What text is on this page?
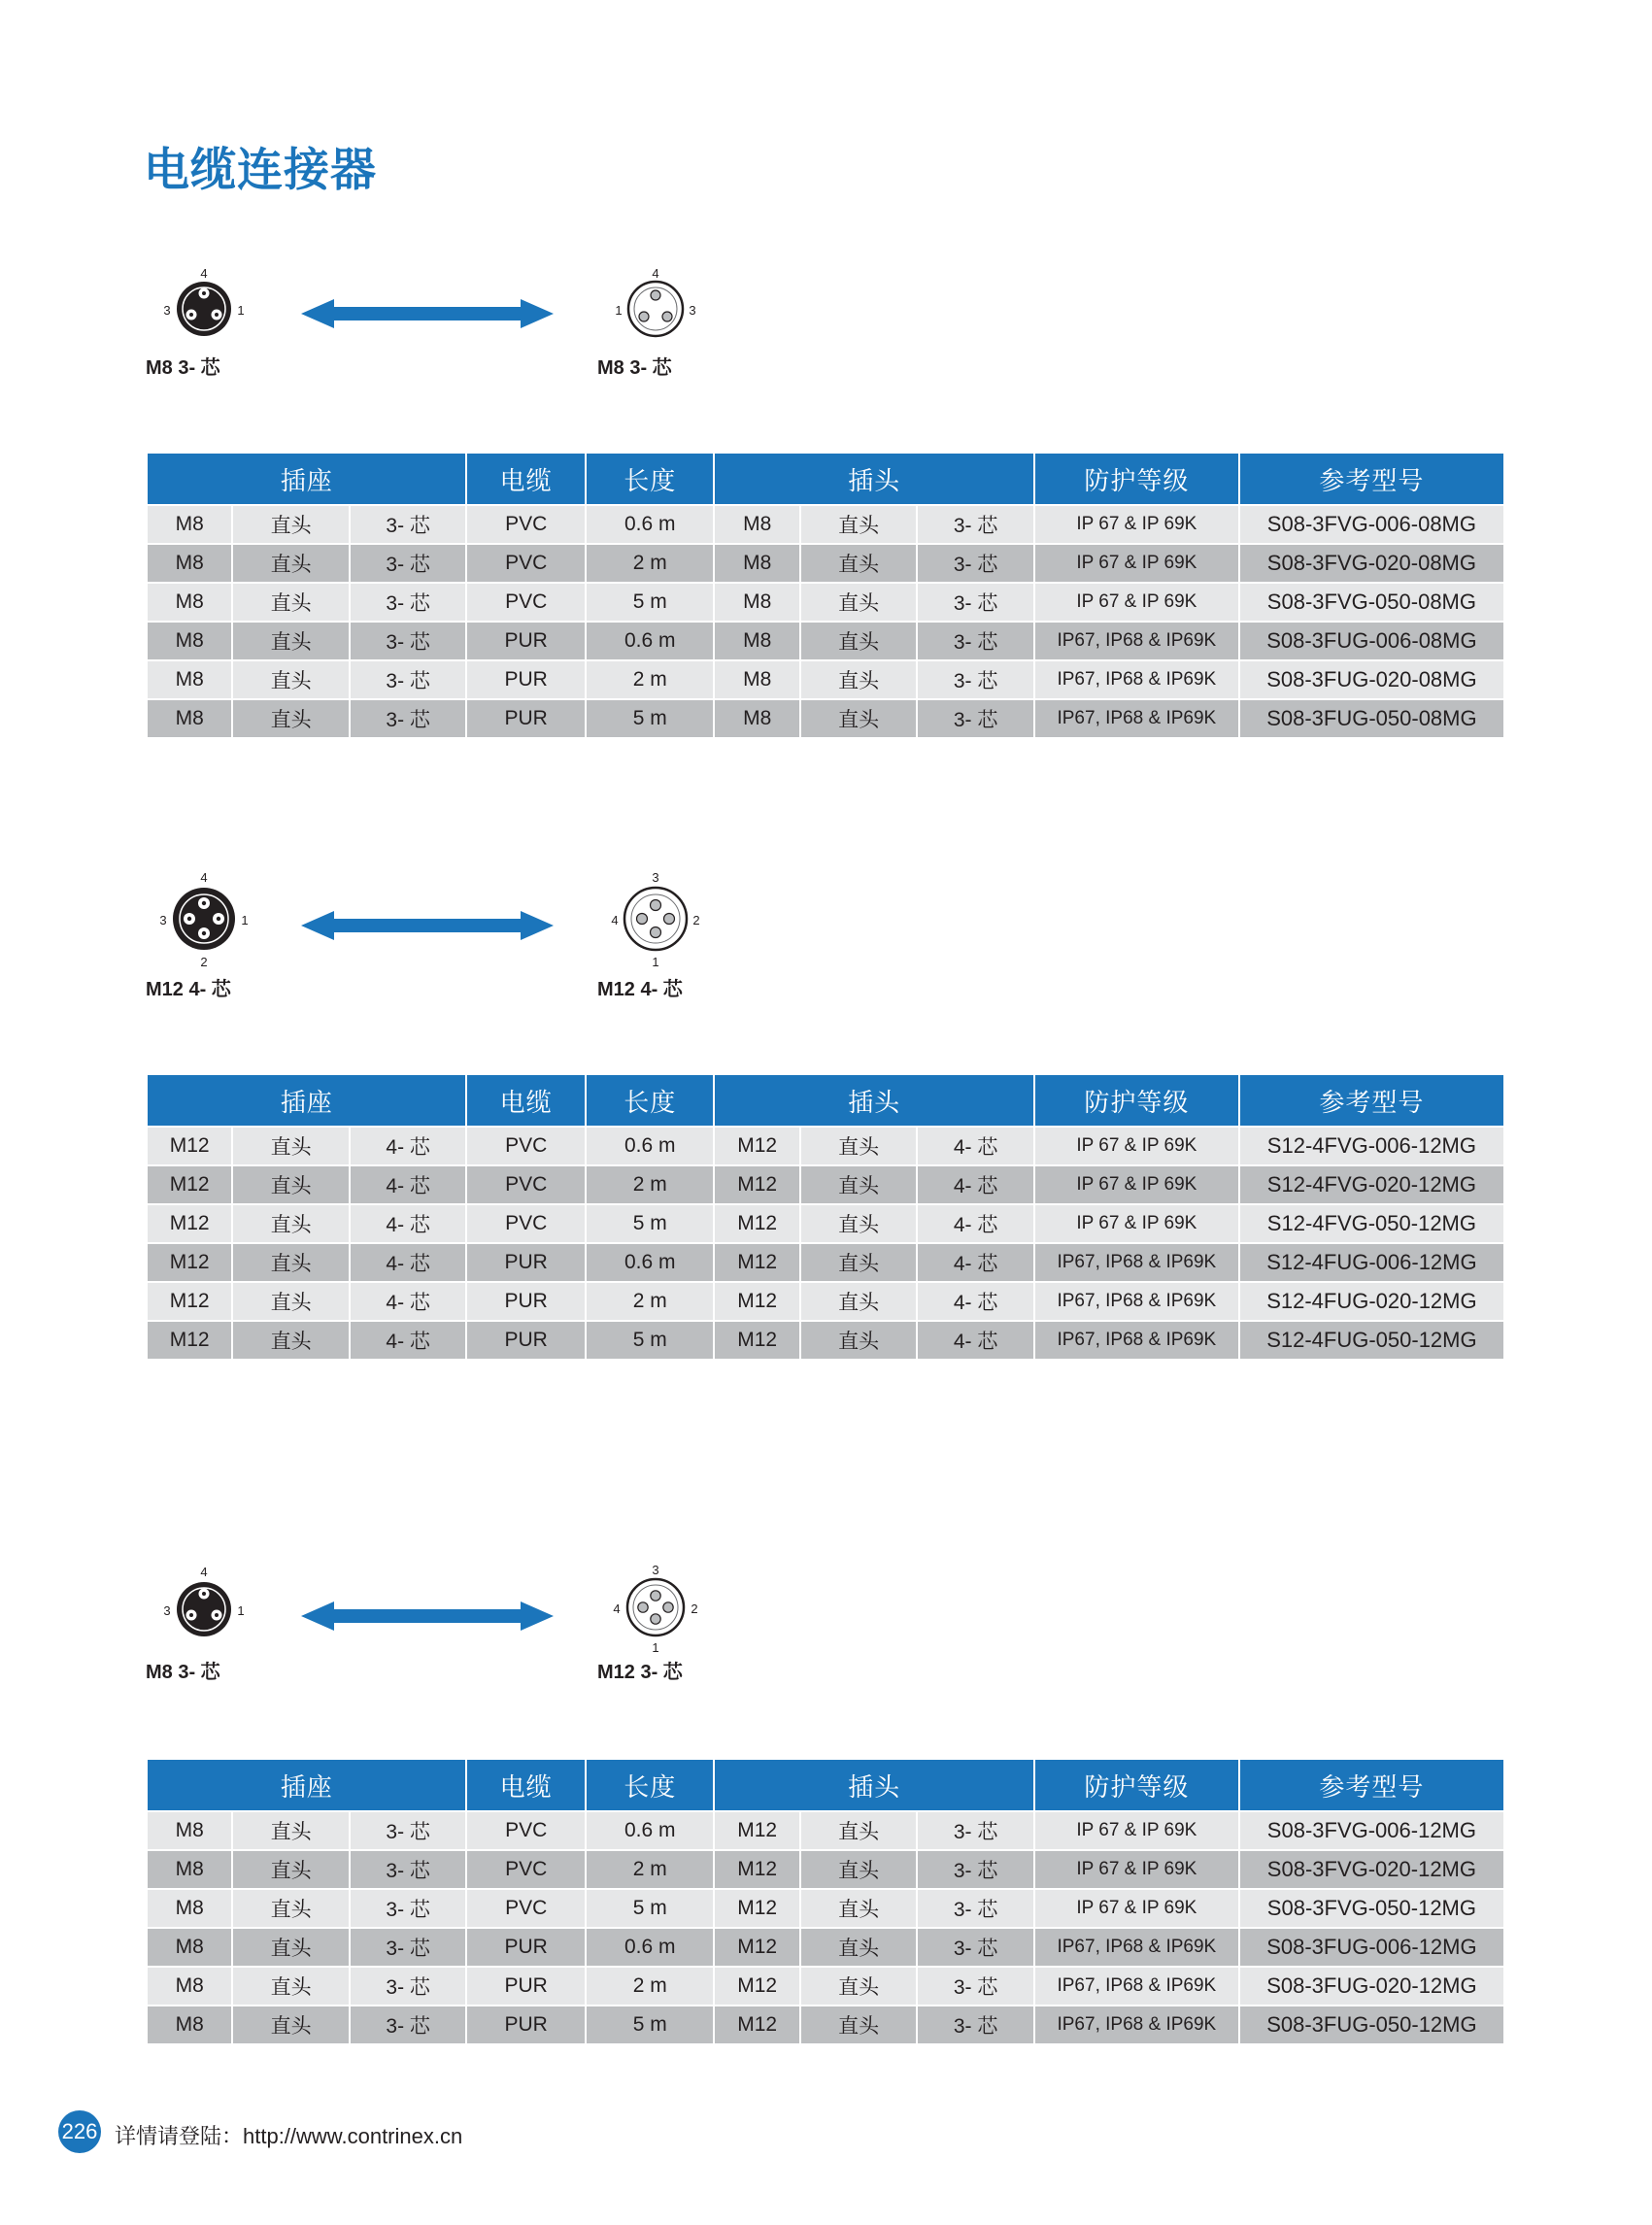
电缆连接器
4
3	1
M8 3- 芯
4
1	3
M8 3- 芯
插座			电缆	长度	插头			防护等级	参考型号
M8	直头	3- 芯	PVC	0.6 m	M8	直头	3- 芯	IP 67 & IP 69K	S08-3FVG-006-08MG
M8	直头	3- 芯	PVC	2 m	M8	直头	3- 芯	IP 67 & IP 69K	S08-3FVG-020-08MG
M8	直头	3- 芯	PVC	5 m	M8	直头	3- 芯	IP 67 & IP 69K	S08-3FVG-050-08MG
M8	直头	3- 芯	PUR	0.6 m	M8	直头	3- 芯	IP67, IP68 & IP69K	S08-3FUG-006-08MG
M8	直头	3- 芯	PUR	2 m	M8	直头	3- 芯	IP67, IP68 & IP69K	S08-3FUG-020-08MG
M8	直头	3- 芯	PUR	5 m	M8	直头	3- 芯	IP67, IP68 & IP69K	S08-3FUG-050-08MG
4
3	1
2
M12 4- 芯
3
4	2
1
M12 4- 芯
插座			电缆	长度	插头			防护等级	参考型号
M12	直头	4- 芯	PVC	0.6 m	M12	直头	4- 芯	IP 67 & IP 69K	S12-4FVG-006-12MG
M12	直头	4- 芯	PVC	2 m	M12	直头	4- 芯	IP 67 & IP 69K	S12-4FVG-020-12MG
M12	直头	4- 芯	PVC	5 m	M12	直头	4- 芯	IP 67 & IP 69K	S12-4FVG-050-12MG
M12	直头	4- 芯	PUR	0.6 m	M12	直头	4- 芯	IP67, IP68 & IP69K	S12-4FUG-006-12MG
M12	直头	4- 芯	PUR	2 m	M12	直头	4- 芯	IP67, IP68 & IP69K	S12-4FUG-020-12MG
M12	直头	4- 芯	PUR	5 m	M12	直头	4- 芯	IP67, IP68 & IP69K	S12-4FUG-050-12MG
4
3	1
M8 3- 芯
3
4	2
1
M12 3- 芯
插座			电缆	长度	插头			防护等级	参考型号
M8	直头	3- 芯	PVC	0.6 m	M12	直头	3- 芯	IP 67 & IP 69K	S08-3FVG-006-12MG
M8	直头	3- 芯	PVC	2 m	M12	直头	3- 芯	IP 67 & IP 69K	S08-3FVG-020-12MG
M8	直头	3- 芯	PVC	5 m	M12	直头	3- 芯	IP 67 & IP 69K	S08-3FVG-050-12MG
M8	直头	3- 芯	PUR	0.6 m	M12	直头	3- 芯	IP67, IP68 & IP69K	S08-3FUG-006-12MG
M8	直头	3- 芯	PUR	2 m	M12	直头	3- 芯	IP67, IP68 & IP69K	S08-3FUG-020-12MG
M8	直头	3- 芯	PUR	5 m	M12	直头	3- 芯	IP67, IP68 & IP69K	S08-3FUG-050-12MG
226 详情请登陆：http://www.contrinex.cn
